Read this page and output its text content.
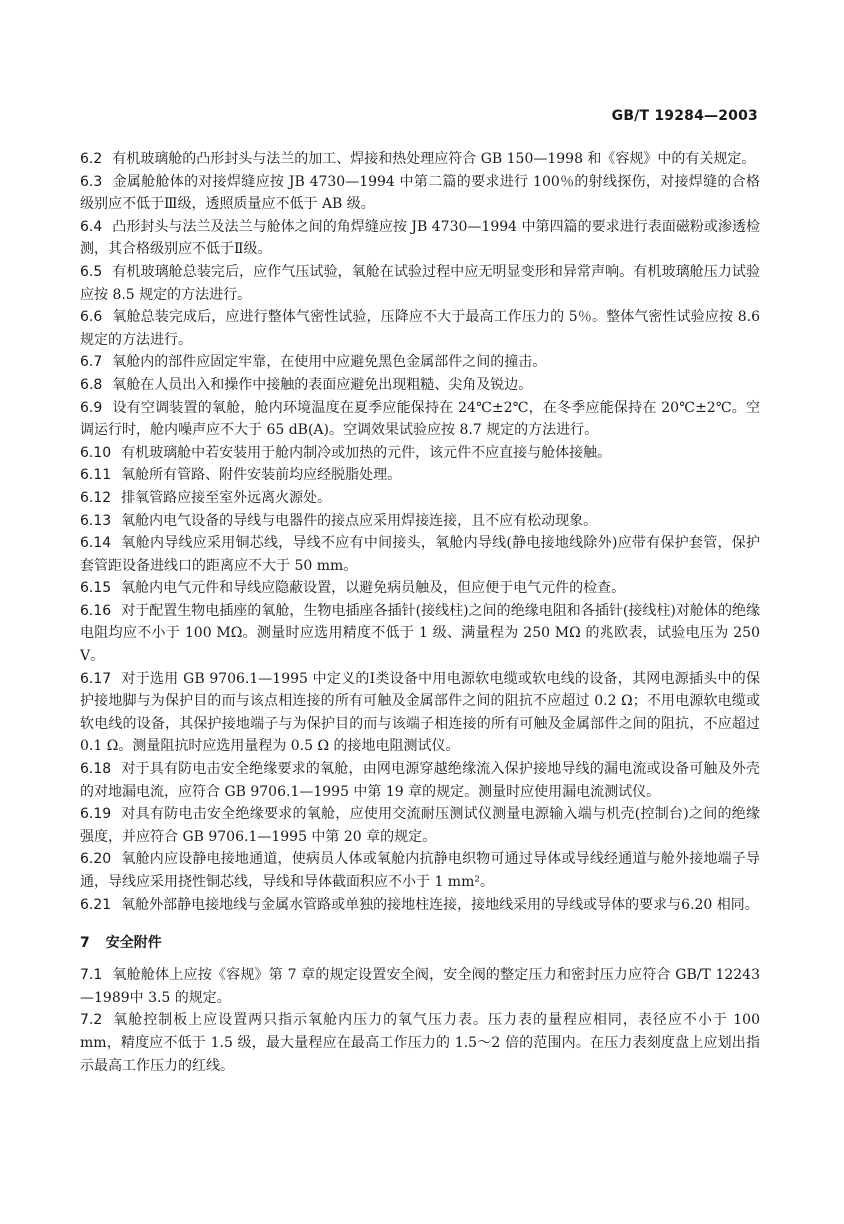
GB/T 19284—2003

6.2 有机玻璃舱的凸形封头与法兰的加工、焊接和热处理应符合 GB 150—1998 和《容规》中的有关规定。

6.3 金属舱舱体的对接焊缝应按 JB 4730—1994 中第二篇的要求进行 100％的射线探伤，对接焊缝的合格级别应不低于Ⅲ级，透照质量应不低于 AB 级。

6.4 凸形封头与法兰及法兰与舱体之间的角焊缝应按 JB 4730—1994 中第四篇的要求进行表面磁粉或渗透检测，其合格级别应不低于Ⅱ级。

6.5 有机玻璃舱总装完后，应作气压试验，氧舱在试验过程中应无明显变形和异常声响。有机玻璃舱压力试验应按 8.5 规定的方法进行。

6.6 氧舱总装完成后，应进行整体气密性试验，压降应不大于最高工作压力的 5％。整体气密性试验应按 8.6 规定的方法进行。

6.7 氧舱内的部件应固定牢靠，在使用中应避免黑色金属部件之间的撞击。

6.8 氧舱在人员出入和操作中接触的表面应避免出现粗糙、尖角及锐边。

6.9 设有空调装置的氧舱，舱内环境温度在夏季应能保持在 24℃±2℃，在冬季应能保持在 20℃±2℃。空调运行时，舱内噪声应不大于 65 dB(A)。空调效果试验应按 8.7 规定的方法进行。

6.10 有机玻璃舱中若安装用于舱内制冷或加热的元件，该元件不应直接与舱体接触。

6.11 氧舱所有管路、附件安装前均应经脱脂处理。

6.12 排氧管路应接至室外远离火源处。

6.13 氧舱内电气设备的导线与电器件的接点应采用焊接连接，且不应有松动现象。

6.14 氧舱内导线应采用铜芯线，导线不应有中间接头，氧舱内导线(静电接地线除外)应带有保护套管，保护套管距设备进线口的距离应不大于 50 mm。

6.15 氧舱内电气元件和导线应隐蔽设置，以避免病员触及，但应便于电气元件的检查。

6.16 对于配置生物电插座的氧舱，生物电插座各插针(接线柱)之间的绝缘电阻和各插针(接线柱)对舱体的绝缘电阻均应不小于 100 MΩ。测量时应选用精度不低于 1 级、满量程为 250 MΩ 的兆欧表，试验电压为 250 V。

6.17 对于选用 GB 9706.1—1995 中定义的Ⅰ类设备中用电源软电缆或软电线的设备，其网电源插头中的保护接地脚与为保护目的而与该点相连接的所有可触及金属部件之间的阻抗不应超过 0.2 Ω；不用电源软电缆或软电线的设备，其保护接地端子与为保护目的而与该端子相连接的所有可触及金属部件之间的阻抗，不应超过 0.1 Ω。测量阻抗时应选用量程为 0.5 Ω 的接地电阻测试仪。

6.18 对于具有防电击安全绝缘要求的氧舱，由网电源穿越绝缘流入保护接地导线的漏电流或设备可触及外壳的对地漏电流，应符合 GB 9706.1—1995 中第 19 章的规定。测量时应使用漏电流测试仪。

6.19 对具有防电击安全绝缘要求的氧舱，应使用交流耐压测试仪测量电源输入端与机壳(控制台)之间的绝缘强度，并应符合 GB 9706.1—1995 中第 20 章的规定。

6.20 氧舱内应设静电接地通道，使病员人体或氧舱内抗静电织物可通过导体或导线经通道与舱外接地端子导通，导线应采用挠性铜芯线，导线和导体截面积应不小于 1 mm²。

6.21 氧舱外部静电接地线与金属水管路或单独的接地柱连接，接地线采用的导线或导体的要求与6.20 相同。

7 安全附件

7.1 氧舱舱体上应按《容规》第 7 章的规定设置安全阀，安全阀的整定压力和密封压力应符合 GB/T 12243—1989中 3.5 的规定。

7.2 氧舱控制板上应设置两只指示氧舱内压力的氧气压力表。压力表的量程应相同，表径应不小于 100 mm，精度应不低于 1.5 级，最大量程应在最高工作压力的 1.5～2 倍的范围内。在压力表刻度盘上应划出指示最高工作压力的红线。
